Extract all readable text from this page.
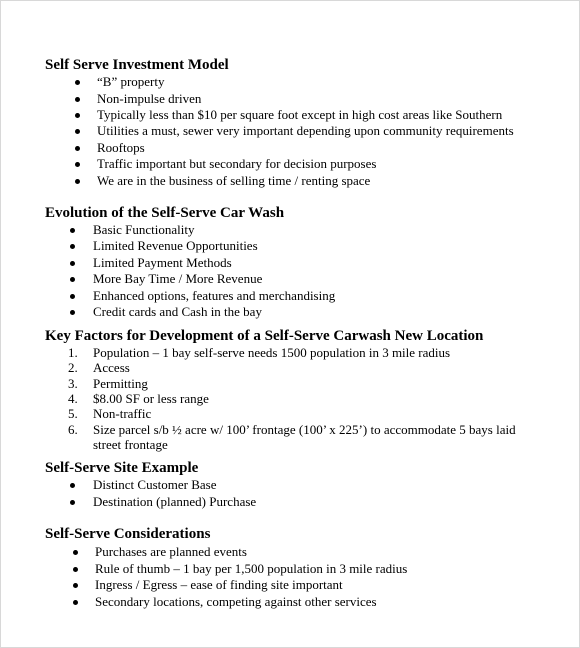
Self Serve Investment Model
“B” property
Non-impulse driven
Typically less than $10 per square foot except in high cost areas like Southern
Utilities a must, sewer very important depending upon community requirements
Rooftops
Traffic important but secondary for decision purposes
We are in the business of selling time / renting space
Evolution of the Self-Serve Car Wash
Basic Functionality
Limited Revenue Opportunities
Limited Payment Methods
More Bay Time / More Revenue
Enhanced options, features and merchandising
Credit cards and Cash in the bay
Key Factors for Development of a Self-Serve Carwash New Location
1. Population – 1 bay self-serve needs 1500 population in 3 mile radius
2. Access
3. Permitting
4. $8.00 SF or less range
5. Non-traffic
6. Size parcel s/b ½ acre w/ 100’ frontage (100’ x 225’) to accommodate 5 bays laid
street frontage
Self-Serve Site Example
Distinct Customer Base
Destination (planned) Purchase
Self-Serve Considerations
Purchases are planned events
Rule of thumb – 1 bay per 1,500 population in 3 mile radius
Ingress / Egress – ease of finding site important
Secondary locations, competing against other services
